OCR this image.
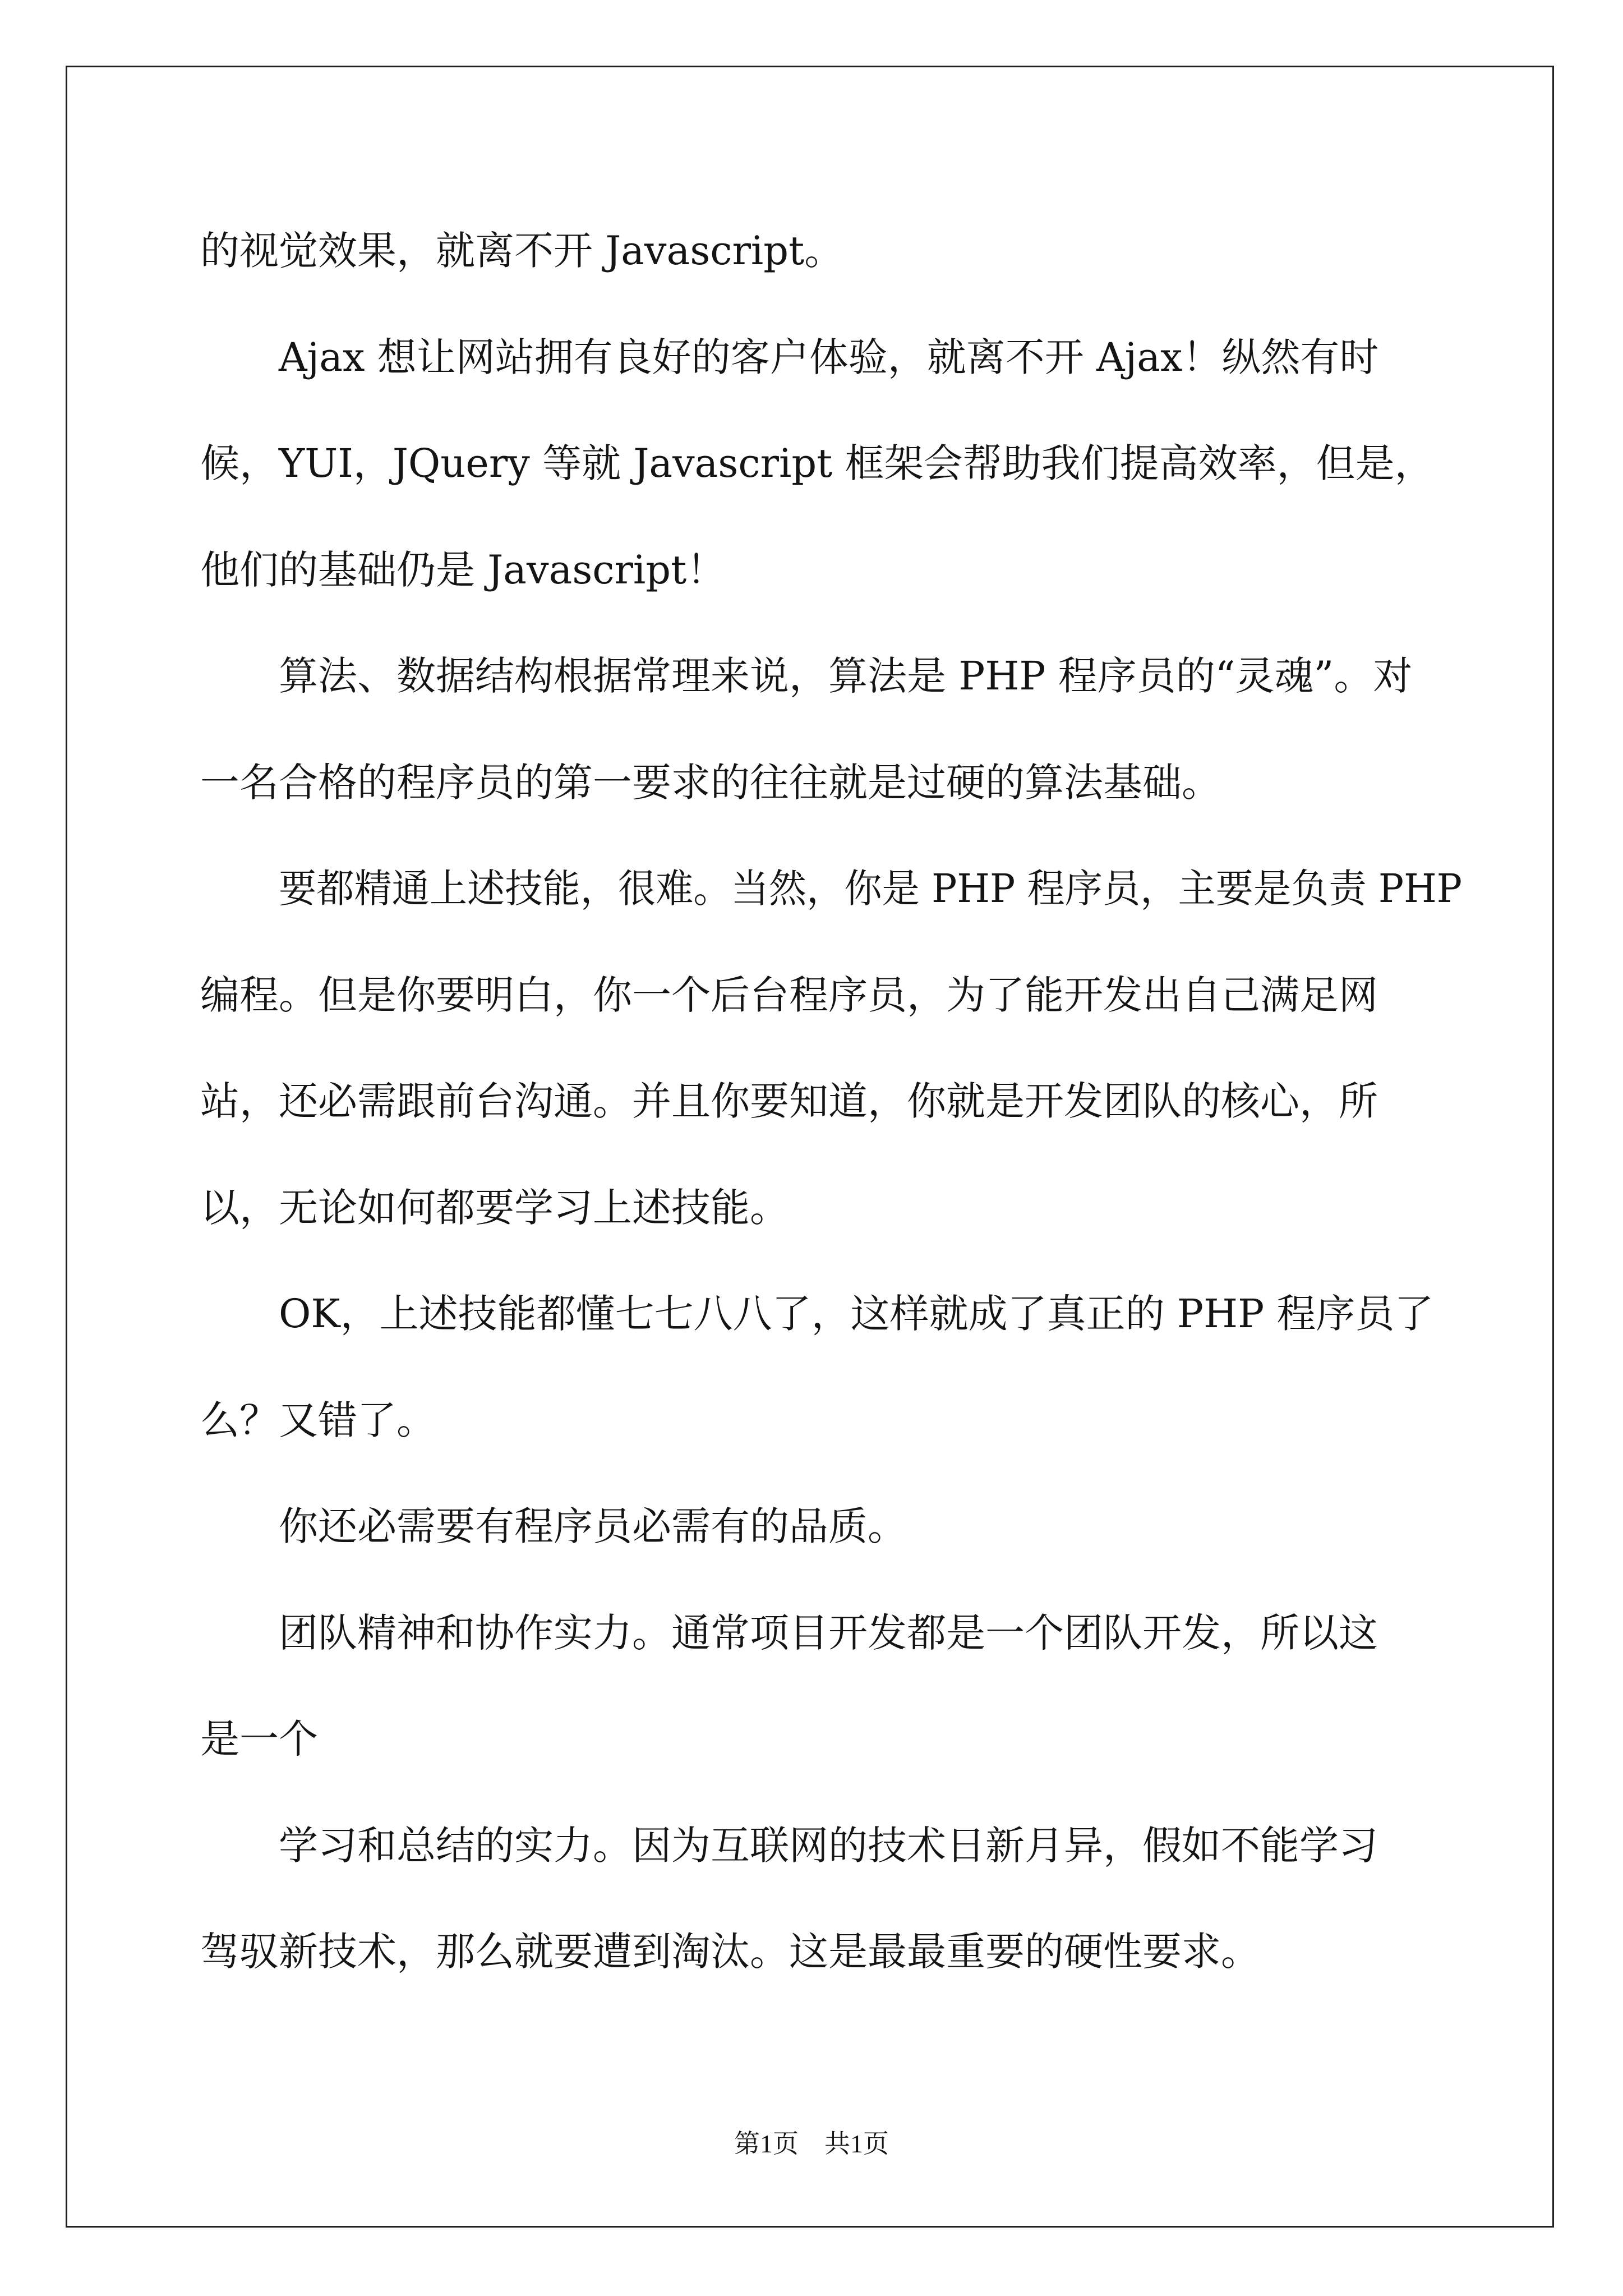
的视觉效果，就离不开 Javascript。
Ajax 想让网站拥有良好的客户体验，就离不开 Ajax！纵然有时
候，YUI，JQuery 等就 Javascript 框架会帮助我们提高效率，但是，
他们的基础仍是 Javascript！
算法、数据结构根据常理来说，算法是 PHP 程序员的“灵魂”。对
一名合格的程序员的第一要求的往往就是过硬的算法基础。
要都精通上述技能，很难。当然，你是 PHP 程序员，主要是负责 PHP
编程。但是你要明白，你一个后台程序员，为了能开发出自己满足网
站，还必需跟前台沟通。并且你要知道，你就是开发团队的核心，所
以，无论如何都要学习上述技能。
OK，上述技能都懂七七八八了，这样就成了真正的 PHP 程序员了
么？又错了。
你还必需要有程序员必需有的品质。
团队精神和协作实力。通常项目开发都是一个团队开发，所以这
是一个
学习和总结的实力。因为互联网的技术日新月异，假如不能学习
驾驭新技术，那么就要遭到淘汰。这是最最重要的硬性要求。
第1页　共1页
